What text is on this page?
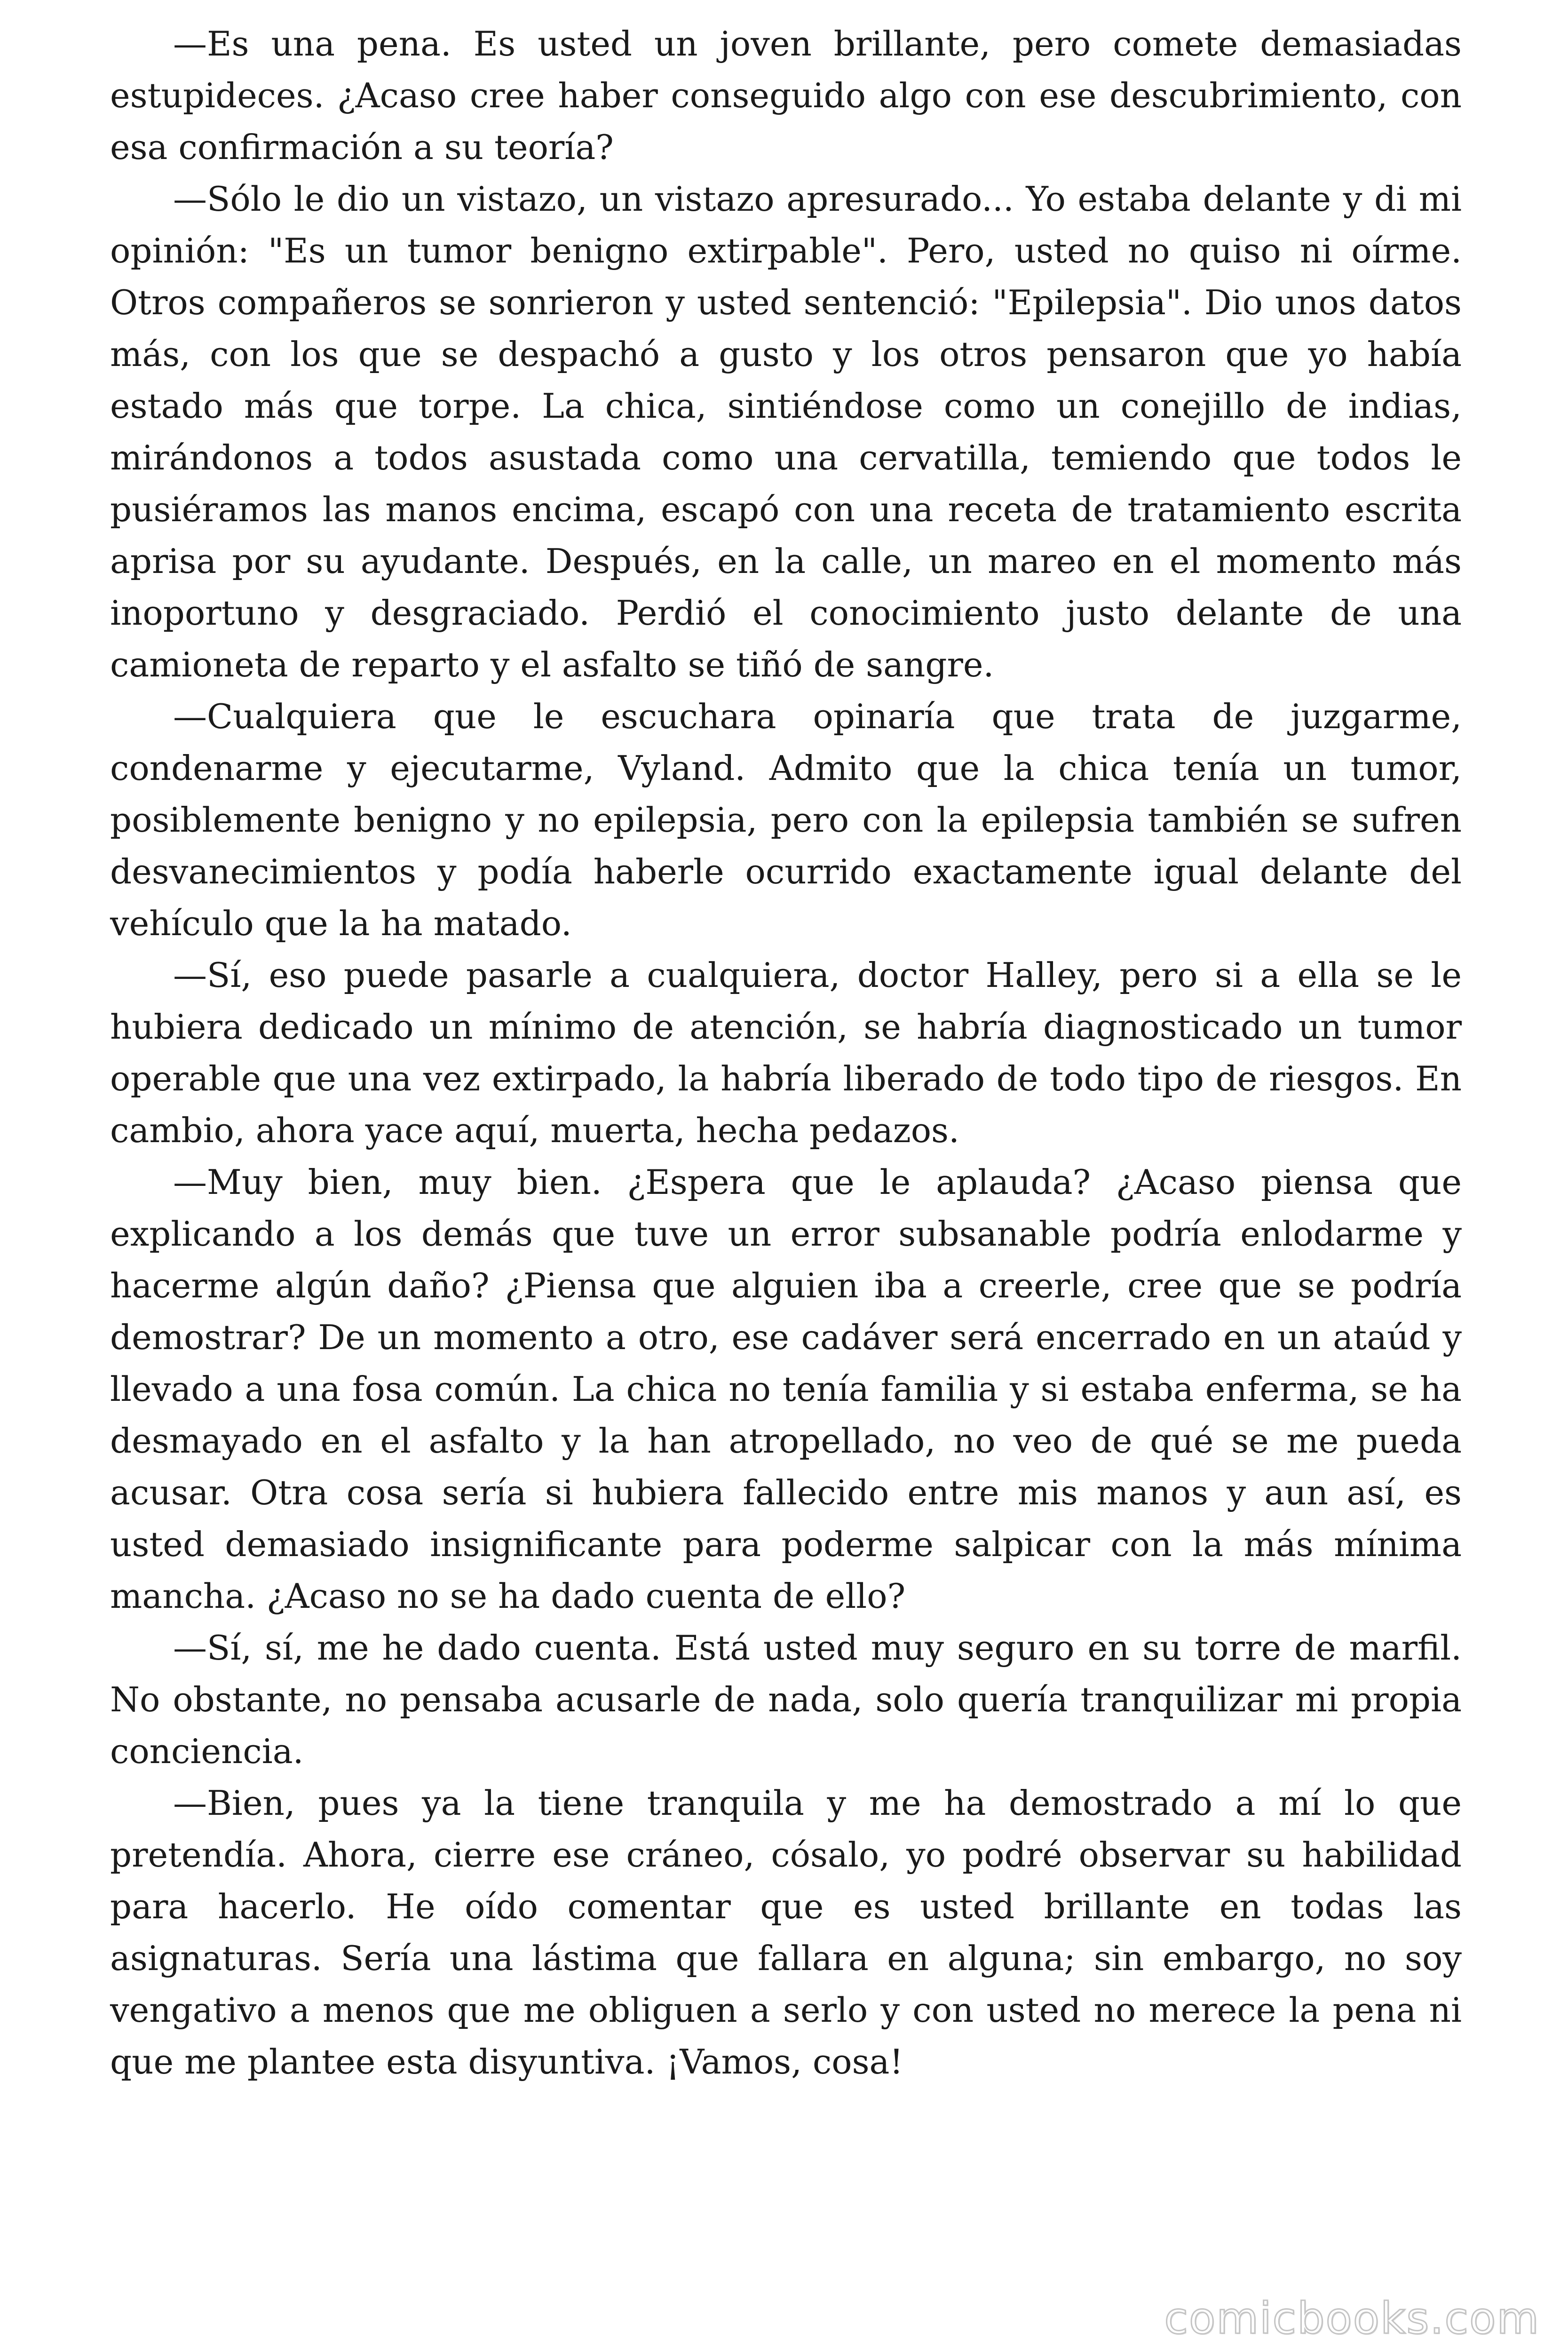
—Es una pena. Es usted un joven brillante, pero comete demasiadas estupideces. ¿Acaso cree haber conseguido algo con ese descubrimiento, con esa confirmación a su teoría?

—Sólo le dio un vistazo, un vistazo apresurado... Yo estaba delante y di mi opinión: "Es un tumor benigno extirpable". Pero, usted no quiso ni oírme. Otros compañeros se sonrieron y usted sentenció: "Epilepsia". Dio unos datos más, con los que se despachó a gusto y los otros pensaron que yo había estado más que torpe. La chica, sintiéndose como un conejillo de indias, mirándonos a todos asustada como una cervatilla, temiendo que todos le pusiéramos las manos encima, escapó con una receta de tratamiento escrita aprisa por su ayudante. Después, en la calle, un mareo en el momento más inoportuno y desgraciado. Perdió el conocimiento justo delante de una camioneta de reparto y el asfalto se tiñó de sangre.

—Cualquiera que le escuchara opinaría que trata de juzgarme, condenarme y ejecutarme, Vyland. Admito que la chica tenía un tumor, posiblemente benigno y no epilepsia, pero con la epilepsia también se sufren desvanecimientos y podía haberle ocurrido exactamente igual delante del vehículo que la ha matado.

—Sí, eso puede pasarle a cualquiera, doctor Halley, pero si a ella se le hubiera dedicado un mínimo de atención, se habría diagnosticado un tumor operable que una vez extirpado, la habría liberado de todo tipo de riesgos. En cambio, ahora yace aquí, muerta, hecha pedazos.

—Muy bien, muy bien. ¿Espera que le aplauda? ¿Acaso piensa que explicando a los demás que tuve un error subsanable podría enlodarme y hacerme algún daño? ¿Piensa que alguien iba a creerle, cree que se podría demostrar? De un momento a otro, ese cadáver será encerrado en un ataúd y llevado a una fosa común. La chica no tenía familia y si estaba enferma, se ha desmayado en el asfalto y la han atropellado, no veo de qué se me pueda acusar. Otra cosa sería si hubiera fallecido entre mis manos y aun así, es usted demasiado insignificante para poderme salpicar con la más mínima mancha. ¿Acaso no se ha dado cuenta de ello?

—Sí, sí, me he dado cuenta. Está usted muy seguro en su torre de marfil. No obstante, no pensaba acusarle de nada, solo quería tranquilizar mi propia conciencia.

—Bien, pues ya la tiene tranquila y me ha demostrado a mí lo que pretendía. Ahora, cierre ese cráneo, cósalo, yo podré observar su habilidad para hacerlo. He oído comentar que es usted brillante en todas las asignaturas. Sería una lástima que fallara en alguna; sin embargo, no soy vengativo a menos que me obliguen a serlo y con usted no merece la pena ni que me plantee esta disyuntiva. ¡Vamos, cosa!

comicbooks.com
